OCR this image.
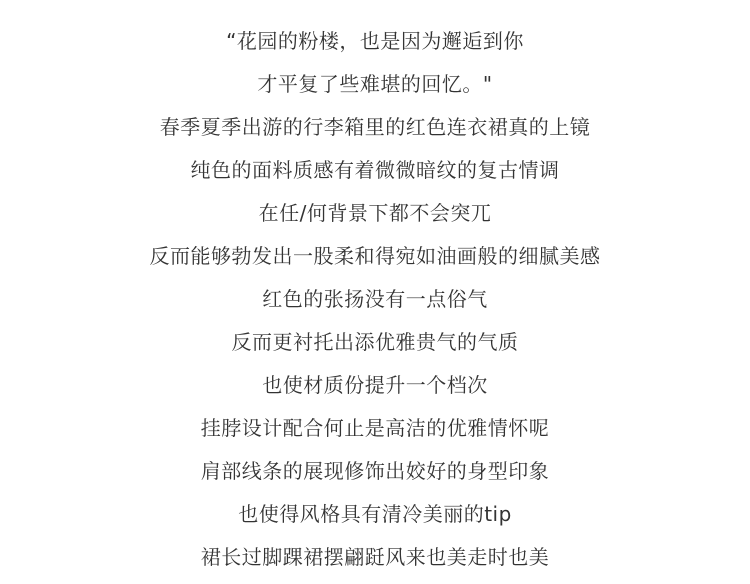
“花园的粉楼，也是因为邂逅到你
才平复了些难堪的回忆。"
春季夏季出游的行李箱里的红色连衣裙真的上镜
纯色的面料质感有着微微暗纹的复古情调
在任/何背景下都不会突兀
反而能够勃发出一股柔和得宛如油画般的细腻美感
红色的张扬没有一点俗气
反而更衬托出添优雅贵气的气质
也使材质份提升一个档次
挂脖设计配合何止是高洁的优雅情怀呢
肩部线条的展现修饰出姣好的身型印象
也使得风格具有清冷美丽的tip
裙长过脚踝裙摆翩跹风来也美走时也美
